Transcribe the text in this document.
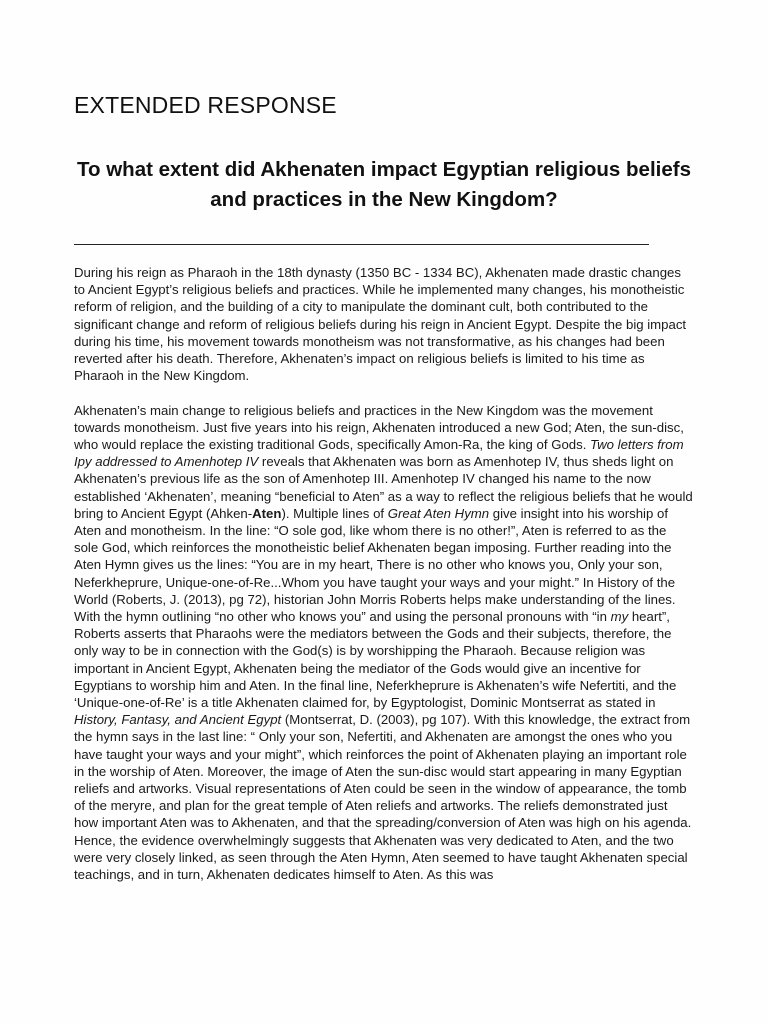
EXTENDED RESPONSE
To what extent did Akhenaten impact Egyptian religious beliefs and practices in the New Kingdom?

During his reign as Pharaoh in the 18th dynasty (1350 BC - 1334 BC), Akhenaten made drastic changes to Ancient Egypt’s religious beliefs and practices. While he implemented many changes, his monotheistic reform of religion, and the building of a city to manipulate the dominant cult, both contributed to the significant change and reform of religious beliefs during his reign in Ancient Egypt. Despite the big impact during his time, his movement towards monotheism was not transformative, as his changes had been reverted after his death. Therefore, Akhenaten’s impact on religious beliefs is limited to his time as Pharaoh in the New Kingdom.

Akhenaten’s main change to religious beliefs and practices in the New Kingdom was the movement towards monotheism. Just five years into his reign, Akhenaten introduced a new God; Aten, the sun-disc, who would replace the existing traditional Gods, specifically Amon-Ra, the king of Gods. Two letters from Ipy addressed to Amenhotep IV reveals that Akhenaten was born as Amenhotep IV, thus sheds light on Akhenaten’s previous life as the son of Amenhotep III. Amenhotep IV changed his name to the now established ‘Akhenaten’, meaning “beneficial to Aten” as a way to reflect the religious beliefs that he would bring to Ancient Egypt (Ahken-Aten). Multiple lines of Great Aten Hymn give insight into his worship of Aten and monotheism. In the line: “O sole god, like whom there is no other!”, Aten is referred to as the sole God, which reinforces the monotheistic belief Akhenaten began imposing. Further reading into the Aten Hymn gives us the lines: “You are in my heart, There is no other who knows you, Only your son, Neferkheprure, Unique-one-of-Re...Whom you have taught your ways and your might.” In History of the World (Roberts, J. (2013), pg 72), historian John Morris Roberts helps make understanding of the lines. With the hymn outlining “no other who knows you” and using the personal pronouns with “in my heart”, Roberts asserts that Pharaohs were the mediators between the Gods and their subjects, therefore, the only way to be in connection with the God(s) is by worshipping the Pharaoh. Because religion was important in Ancient Egypt, Akhenaten being the mediator of the Gods would give an incentive for Egyptians to worship him and Aten. In the final line, Neferkheprure is Akhenaten’s wife Nefertiti, and the ‘Unique-one-of-Re’ is a title Akhenaten claimed for, by Egyptologist, Dominic Montserrat as stated in History, Fantasy, and Ancient Egypt (Montserrat, D. (2003), pg 107). With this knowledge, the extract from the hymn says in the last line: “ Only your son, Nefertiti, and Akhenaten are amongst the ones who you have taught your ways and your might”, which reinforces the point of Akhenaten playing an important role in the worship of Aten. Moreover, the image of Aten the sun-disc would start appearing in many Egyptian reliefs and artworks. Visual representations of Aten could be seen in the window of appearance, the tomb of the meryre, and plan for the great temple of Aten reliefs and artworks. The reliefs demonstrated just how important Aten was to Akhenaten, and that the spreading/conversion of Aten was high on his agenda. Hence, the evidence overwhelmingly suggests that Akhenaten was very dedicated to Aten, and the two were very closely linked, as seen through the Aten Hymn, Aten seemed to have taught Akhenaten special teachings, and in turn, Akhenaten dedicates himself to Aten. As this was
